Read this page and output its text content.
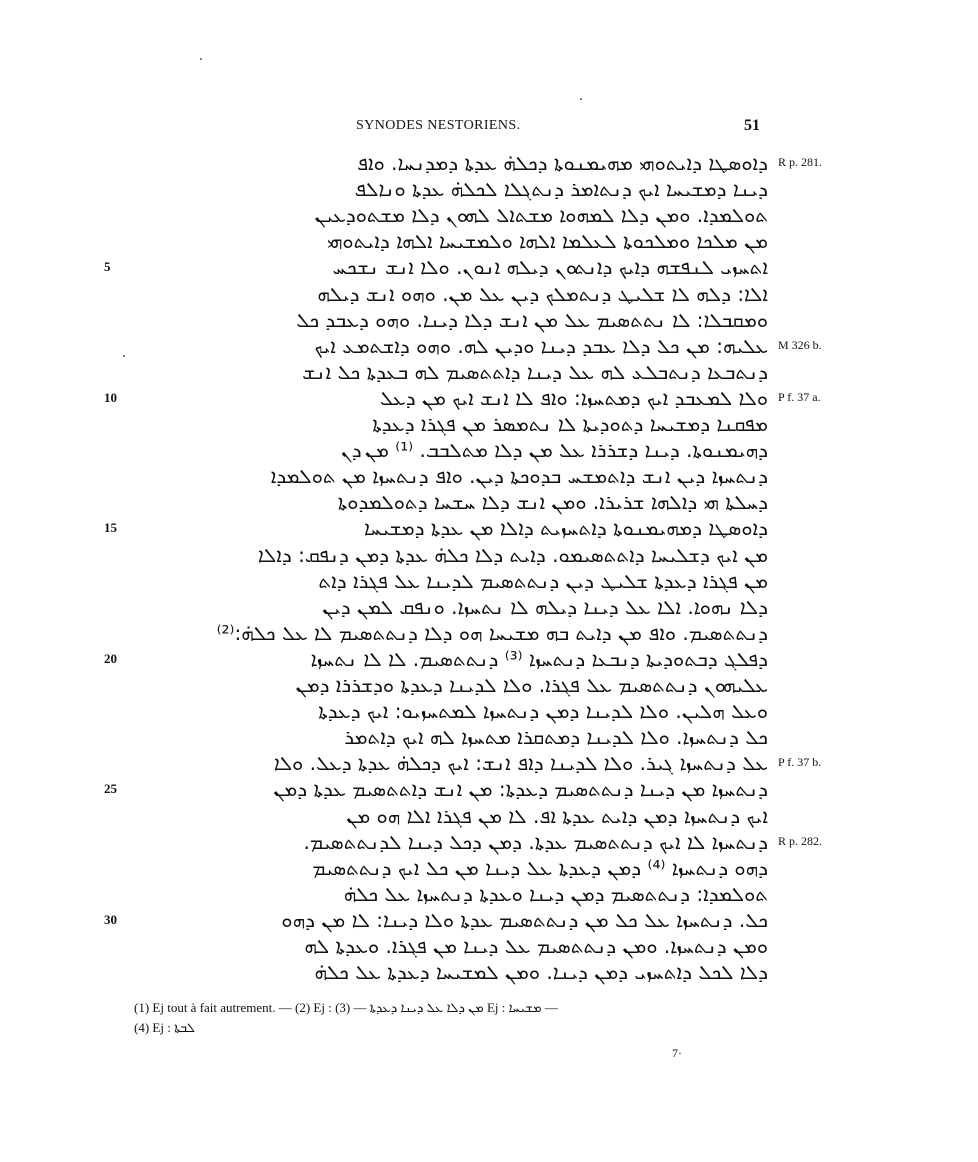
SYNODES NESTORIENS.	51
ܕܐܘܣܛܐ ܕܐܝܬܘܗܝ ܡܗܝܡܢܘܬܐ ܕܟܠܗ̇ ܥܕܬܐ ܕܡܕܢܚܐ. ܘܐܦ R p. 281.
ܕܝܢܐ ܕܡܫܝܚܐ ܐܝܟ ܕܢܬܐܡܪ ܕܢܬܓܠܐ ܠܟܠܗ̇ ܥܕܬܐ ܘܢܐܠܦ
ܬܘܠܡܕܐ. ܘܡܢ ܕܠܐ ܠܡܗܘܐ ܡܫܬܐܠ ܠܗܘܢ ܕܠܐ ܡܫܬܘܕܥܝܢ
ܡܢ ܡܠܟܐ ܘܡܠܟܘܬܐ ܠܥܠܡܐ ܐܠܗܐ ܘܠܡܫܝܚܐ ܐܠܗܐ ܕܐܝܬܘܗܝ
ܐܬܚܙܝ ܠܢܦܫܗ ܕܐܝܟ ܕܐܢܬܘܢ ܕܝܠܗ ܐܢܘܢ. ܘܠܐ ܐܢܫ ܢܫܟܚ
5
ܐܠܐ: ܕܠܗ ܠܐ ܫܠܝܛ ܕܢܬܡܠܟ ܕܝܢ ܥܠ ܡܢ. ܘܗܘ ܐܢܫ ܕܝܠܗ
ܘܡܩܒܠܐ: ܠܐ ܢܬܬܣܝܡ ܥܠ ܡܢ ܐܢܫ ܕܠܐ ܕܝܢܐ. ܘܗܘ ܕܥܒܕ ܟܠ
ܥܠܝܗ: ܡܢ ܟܠ ܕܠܐ ܥܒܕ ܕܝܢܐ ܘܕܝܢ ܠܗ. ܘܗܘ ܕܐܫܬܡܥ ܐܝܟ M 326 b.
ܕܢܬܒܥܐ ܕܢܬܒܠܥ ܠܗ ܥܠ ܕܝܢܐ ܕܐܬܬܣܝܡ ܠܗ ܒܥܕܬܐ ܟܠ ܐܢܫ
ܘܠܐ ܠܡܥܒܕ ܐܝܟ ܕܡܬܚܙܐ: ܘܐܦ ܠܐ ܐܢܫ ܐܝܟ ܡܢ ܕܥܠ
10	P f. 37 a.
ܡܦܩܢܐ ܕܡܫܝܚܐ ܕܬܘܕܝܬܐ ܠܐ ܢܬܡܣܪ ܡܢ ܦܓܪܐ ܕܥܕܬܐ
ܕܗܝܡܢܘܬܐ. ܕܝܢܐ ܕܫܪܪܐ ܥܠ ܡܢ ܕܠܐ ܡܬܠܒܒ. ⁽¹⁾ ܡܢ ܕܢ
ܕܢܬܚܙܐ ܕܝܢ ܐܢܫ ܕܐܬܡܫܚ ܒܕܘܟܬܐ ܕܝܢ. ܘܐܦ ܕܢܬܚܙܐ ܡܢ ܬܘܠܡܕܐ
ܕܚܠܬܐ ܗܝ ܕܐܠܗܐ ܫܪܝܪܐ. ܘܡܢ ܐܢܫ ܕܠܐ ܚܫܚܐ ܕܬܘܠܡܕܘܬܐ
ܕܐܘܣܛܐ ܕܡܗܝܡܢܘܬܐ ܕܐܬܚܙܝܬ ܕܐܠܐ ܡܢ ܥܕܬܐ ܕܡܫܝܚܐ
15
ܡܢ ܐܝܟ ܕܫܠܝܚܐ ܕܐܬܬܣܝܡܘ. ܕܐܝܬ ܕܠܐ ܟܠܗ̇ ܥܕܬܐ ܕܡܢ ܕܢܦܩ: ܕܐܠܐ
ܡܢ ܦܓܪܐ ܕܥܕܬܐ ܫܠܝܛ ܕܝܢ ܕܢܬܬܣܝܡ ܠܕܝܢܐ ܥܠ ܦܓܪܐ ܕܐܬ
ܕܠܐ ܢܗܘܐ. ܐܠܐ ܥܠ ܕܝܢܐ ܕܝܠܗ ܠܐ ܢܬܚܙܐ. ܘܢܦܩ ܠܡܢ ܕܝܢ
ܕܢܬܬܣܝܡ. ܘܐܦ ܡܢ ܕܐܝܬ ܒܗ ܡܫܝܚܐ ܗܘ ܕܠܐ ܕܢܬܬܣܝܡ ܠܐ ܥܠ ܟܠܗ̇:⁽²⁾
ܕܦܠܓ ܕܒܬܘܕܝܬܐ ܕܢܒܥܐ ܕܢܬܚܙܐ ⁽³⁾ ܕܢܬܬܣܝܡ. ܠܐ ܠܐ ܢܬܚܙܐ
20
ܥܠܝܗܘܢ ܕܢܬܬܣܝܡ ܥܠ ܦܓܪܐ. ܘܠܐ ܠܕܝܢܐ ܕܥܕܬܐ ܘܕܫܪܪܐ ܕܡܢ
ܘܥܠ ܗܠܝܢ. ܘܠܐ ܠܕܝܢܐ ܕܡܢ ܕܢܬܚܙܐ ܠܡܬܚܙܝܘ: ܐܝܟ ܕܥܕܬܐ
ܟܠ ܕܢܬܚܙܐ. ܘܠܐ ܠܕܝܢܐ ܕܡܬܩܪܐ ܡܬܚܙܐ ܠܗ ܐܝܟ ܕܐܬܡܪ
ܥܠ ܕܢܬܚܙܐ ܓܝܪ. ܘܠܐ ܠܕܝܢܐ ܕܐܦ ܐܢܫ: ܐܝܟ ܕܟܠܗ̇ ܥܕܬܐ ܕܥܠ. ܘܠܐ P f. 37 b.
ܕܢܬܚܙܐ ܡܢ ܕܝܢܐ ܕܢܬܬܣܝܡ ܕܥܕܬܐ: ܡܢ ܐܢܫ ܕܐܬܬܣܝܡ ܥܕܬܐ ܕܡܢ
25
ܐܝܟ ܕܢܬܚܙܐ ܕܡܢ ܕܐܝܬ ܥܕܬܐ ܐܦ. ܠܐ ܡܢ ܦܓܪܐ ܐܠܐ ܗܘ ܡܢ
ܕܢܬܚܙܐ ܠܐ ܐܝܟ ܕܢܬܬܣܝܡ ܥܕܬܐ. ܕܡܢ ܕܟܠ ܕܝܢܐ ܠܕܢܬܬܣܝܡ. R p. 282.
ܕܗܘ ܕܢܬܚܙܐ ⁽⁴⁾ ܕܡܢ ܕܥܕܬܐ ܥܠ ܕܝܢܐ ܡܢ ܟܠ ܐܝܟ ܕܢܬܬܣܝܡ
ܬܘܠܡܕܐ: ܕܢܬܬܣܝܡ ܕܡܢ ܕܝܢܐ ܘܥܕܬܐ ܕܢܬܚܙܐ ܥܠ ܟܠܗ̇
ܟܠ. ܕܢܬܚܙܐ ܥܠ ܟܠ ܡܢ ܕܢܬܬܣܝܡ ܥܕܬܐ ܘܠܐ ܕܝܢܐ: ܠܐ ܡܢ ܕܗܘ
30
ܘܡܢ ܕܢܬܚܙܐ. ܘܡܢ ܕܢܬܬܣܝܡ ܥܠ ܕܝܢܐ ܡܢ ܦܓܪܐ. ܘܥܕܬܐ ܠܗ
ܕܠܐ ܠܟܠ ܕܐܬܚܙܝ ܕܡܢ ܕܝܢܐ. ܘܡܢ ܠܡܫܝܚܐ ܕܥܕܬܐ ܥܠ ܟܠܗ̇
(1) Ej tout à fait autrement. — (2) Ej : ܡܢ ܕܠܐ ܥܠ ܕܝܢܐ ܕܥܕܬܐ — (3) Ej : ܡܫܝܚܐ —
(4) Ej : ܠܒܬܐ
7·
